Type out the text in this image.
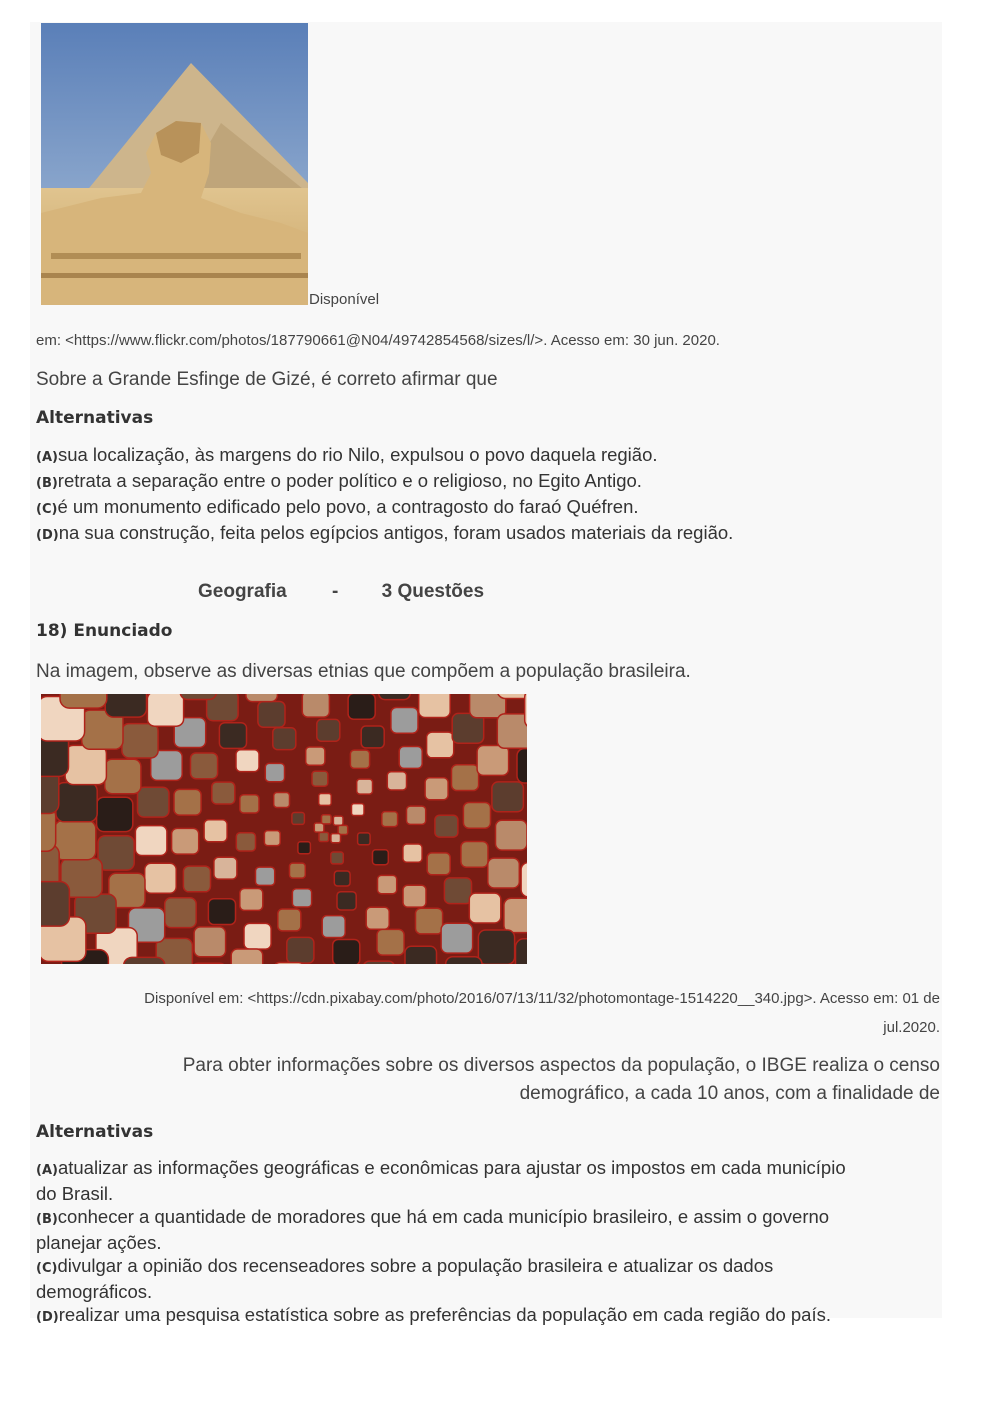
Disponível
em: <https://www.flickr.com/photos/187790661@N04/49742854568/sizes/l/>. Acesso em: 30 jun. 2020.
Sobre a Grande Esfinge de Gizé, é correto afirmar que
Alternativas
(A)sua localização, às margens do rio Nilo, expulsou o povo daquela região.
(B)retrata a separação entre o poder político e o religioso, no Egito Antigo.
(C)é um monumento edificado pelo povo, a contragosto do faraó Quéfren.
(D)na sua construção, feita pelos egípcios antigos, foram usados materiais da região.
Geografia - 3 Questões
18) Enunciado
Na imagem, observe as diversas etnias que compõem a população brasileira.
Disponível em: <https://cdn.pixabay.com/photo/2016/07/13/11/32/photomontage-1514220__340.jpg>. Acesso em: 01 de
jul.2020.
Para obter informações sobre os diversos aspectos da população, o IBGE realiza o censo
demográfico, a cada 10 anos, com a finalidade de
Alternativas
(A)atualizar as informações geográficas e econômicas para ajustar os impostos em cada município
do Brasil.
(B)conhecer a quantidade de moradores que há em cada município brasileiro, e assim o governo
planejar ações.
(C)divulgar a opinião dos recenseadores sobre a população brasileira e atualizar os dados
demográficos.
(D)realizar uma pesquisa estatística sobre as preferências da população em cada região do país.
